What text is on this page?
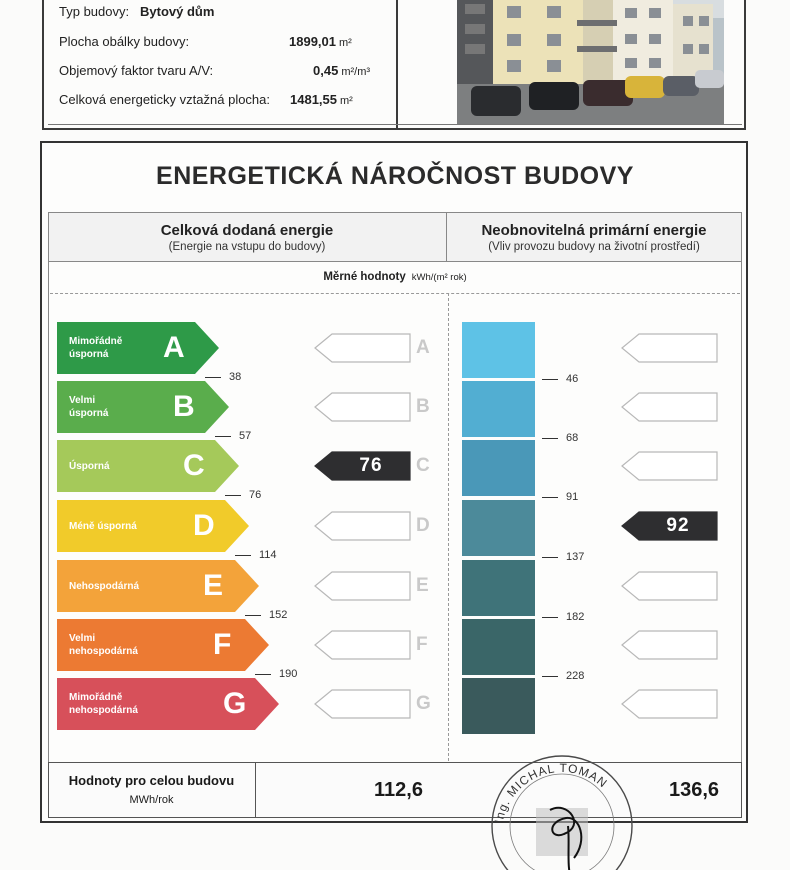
Typ budovy: Bytový dům
Plocha obálky budovy:	1899,01 m²
Objemový faktor tvaru A/V:	0,45 m²/m³
Celková energeticky vztažná plocha: 1481,55 m²
ENERGETICKÁ NÁROČNOST BUDOVY
Celková dodaná energie
(Energie na vstupu do budovy)
Neobnovitelná primární energie
(Vliv provozu budovy na životní prostředí)
Měrné hodnoty kWh/(m² rok)
Mimořádně
úsporná	A
Velmi
úsporná B
Úsporná C
Méně úsporná D
Nehospodárná E
Velmi
nehospodárná	F
Mimořádně
nehospodárná	G
38
57
76
114
152
190
46
68
91
137
182
228
A
B
76	C
D
E
F
G
92
Hodnoty pro celou budovu
MWh/rok	112,6	136,6
Ing. MICHAL TOMAN
